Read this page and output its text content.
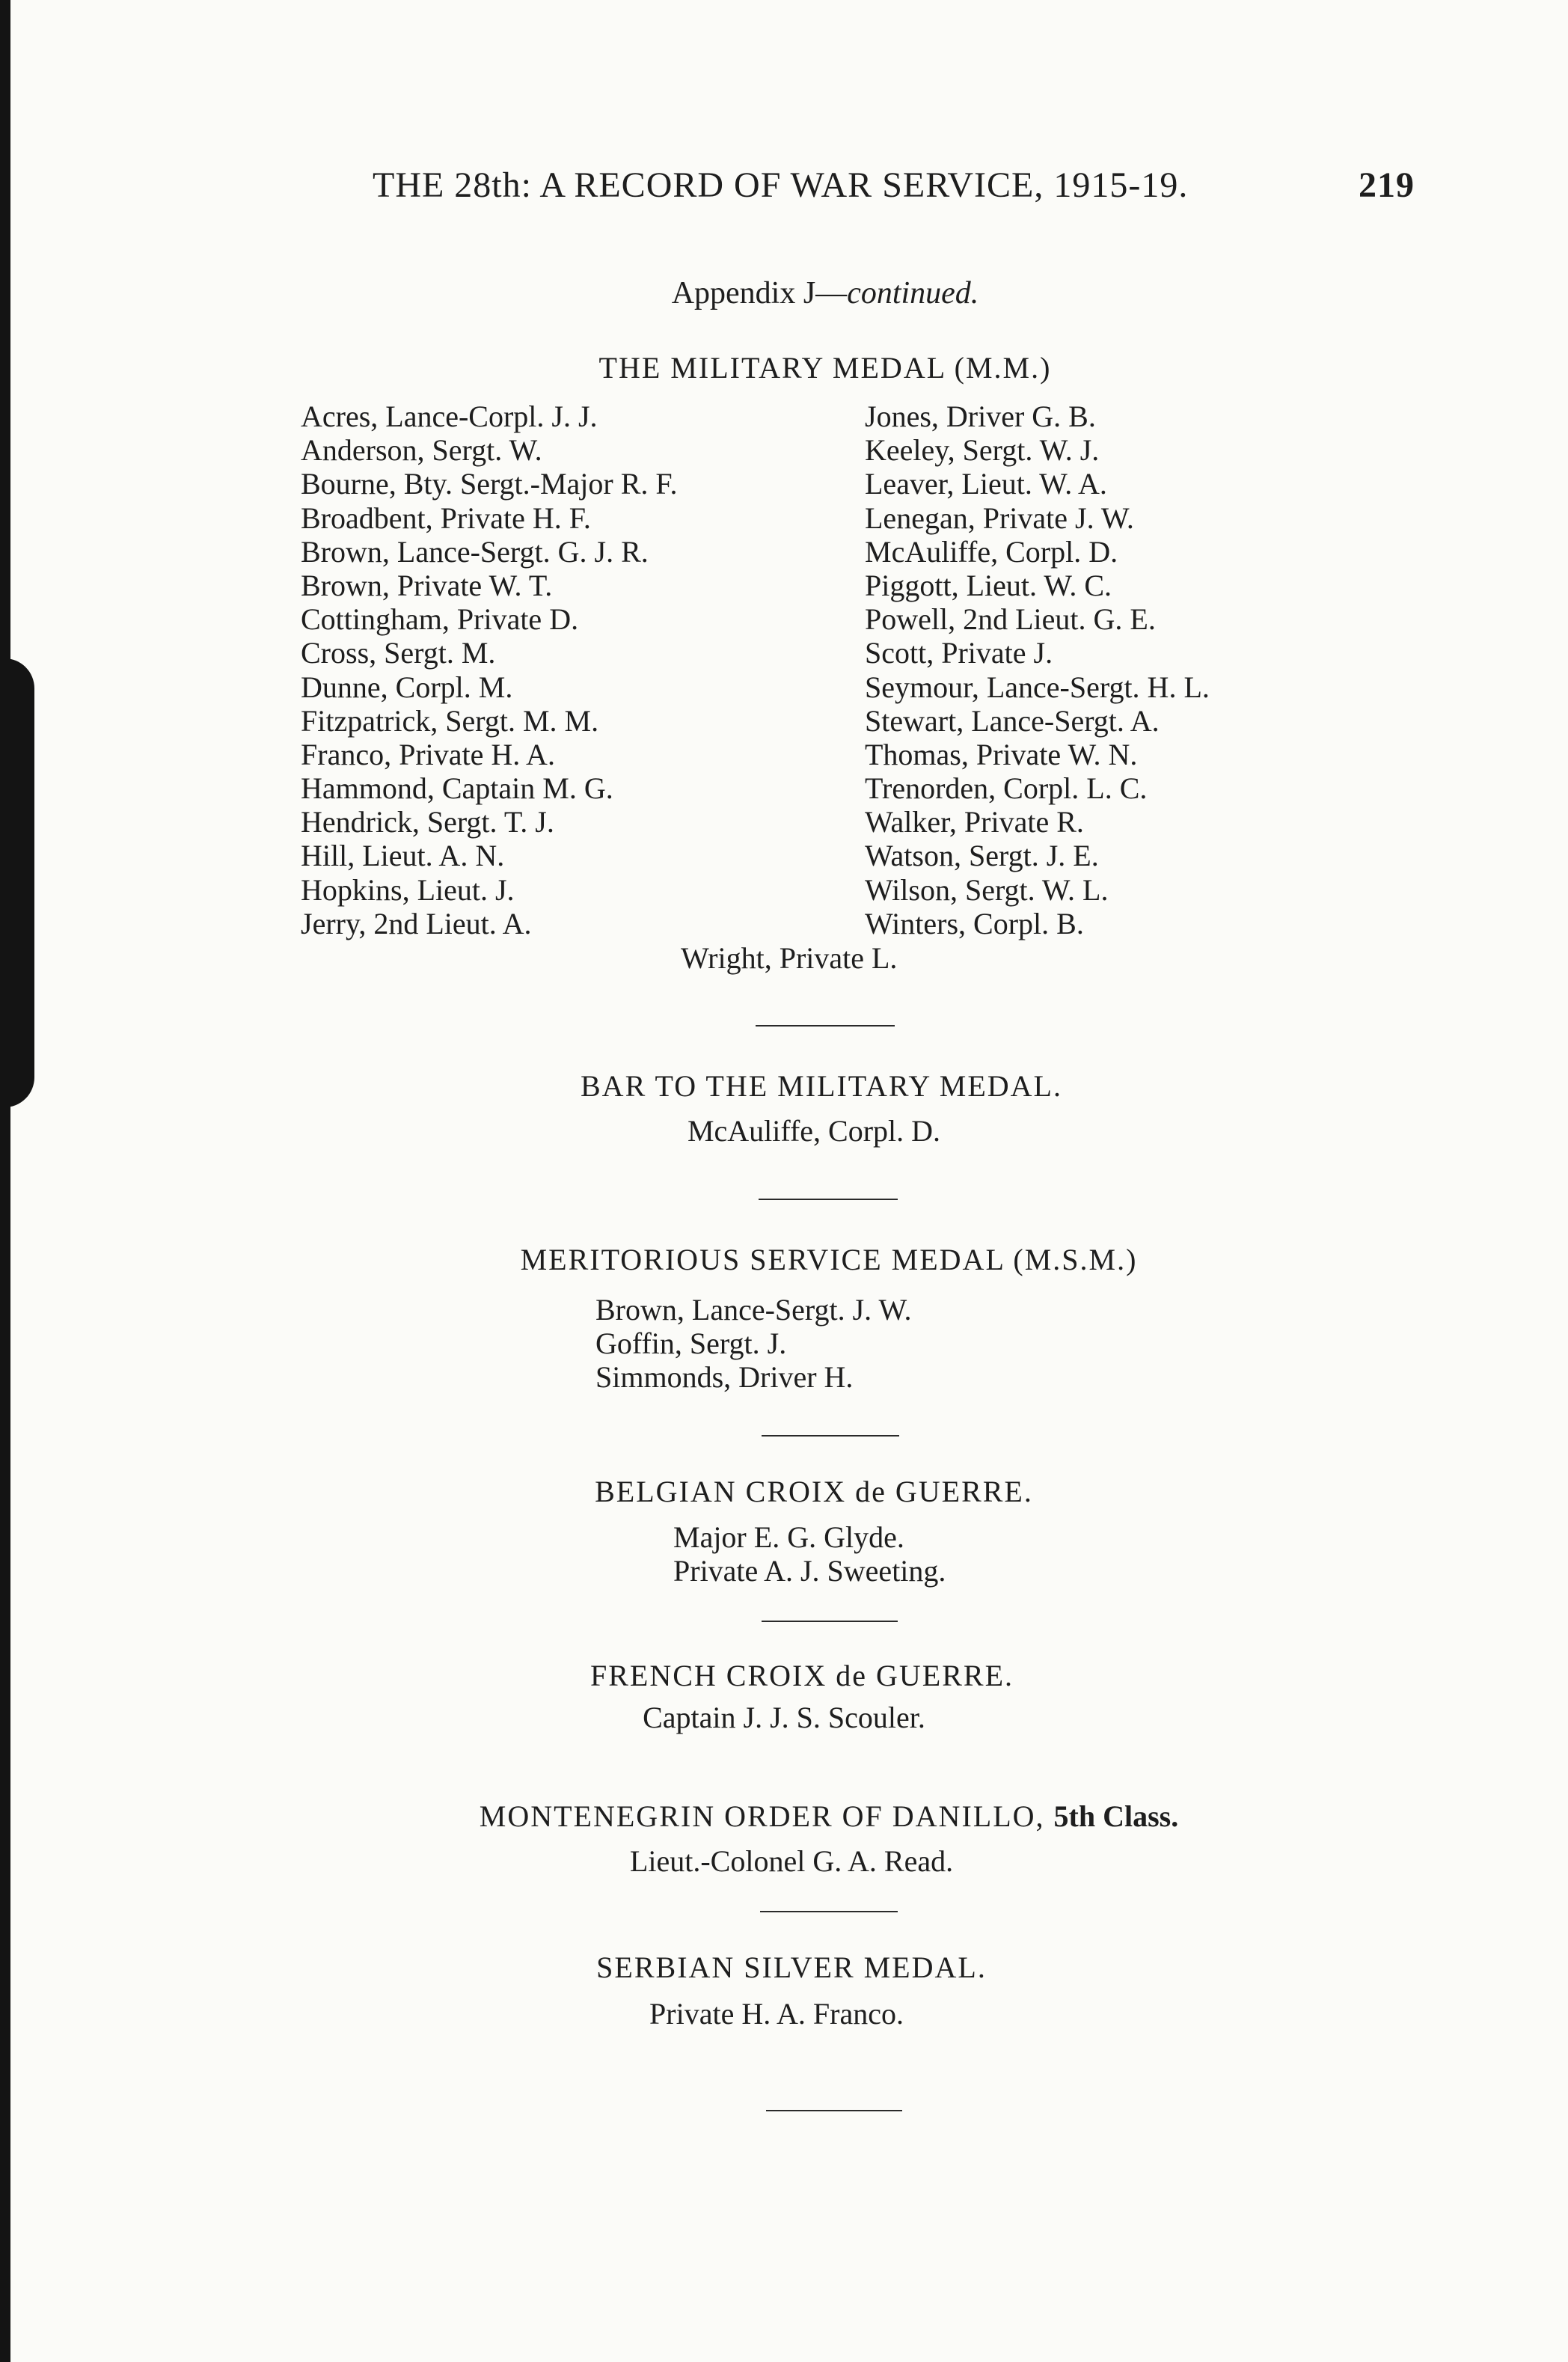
THE 28th: A RECORD OF WAR SERVICE, 1915-19.	219
Appendix J—continued.
THE MILITARY MEDAL (M.M.)
Acres, Lance-Corpl. J. J.
Anderson, Sergt. W.
Bourne, Bty. Sergt.-Major R. F.
Broadbent, Private H. F.
Brown, Lance-Sergt. G. J. R.
Brown, Private W. T.
Cottingham, Private D.
Cross, Sergt. M.
Dunne, Corpl. M.
Fitzpatrick, Sergt. M. M.
Franco, Private H. A.
Hammond, Captain M. G.
Hendrick, Sergt. T. J.
Hill, Lieut. A. N.
Hopkins, Lieut. J.
Jerry, 2nd Lieut. A.
Jones, Driver G. B.
Keeley, Sergt. W. J.
Leaver, Lieut. W. A.
Lenegan, Private J. W.
McAuliffe, Corpl. D.
Piggott, Lieut. W. C.
Powell, 2nd Lieut. G. E.
Scott, Private J.
Seymour, Lance-Sergt. H. L.
Stewart, Lance-Sergt. A.
Thomas, Private W. N.
Trenorden, Corpl. L. C.
Walker, Private R.
Watson, Sergt. J. E.
Wilson, Sergt. W. L.
Winters, Corpl. B.
Wright, Private L.
BAR TO THE MILITARY MEDAL.
McAuliffe, Corpl. D.
MERITORIOUS SERVICE MEDAL (M.S.M.)
Brown, Lance-Sergt. J. W.
Goffin, Sergt. J.
Simmonds, Driver H.
BELGIAN CROIX de GUERRE.
Major E. G. Glyde.
Private A. J. Sweeting.
FRENCH CROIX de GUERRE.
Captain J. J. S. Scouler.
MONTENEGRIN ORDER OF DANILLO, 5th Class.
Lieut.-Colonel G. A. Read.
SERBIAN SILVER MEDAL.
Private H. A. Franco.
